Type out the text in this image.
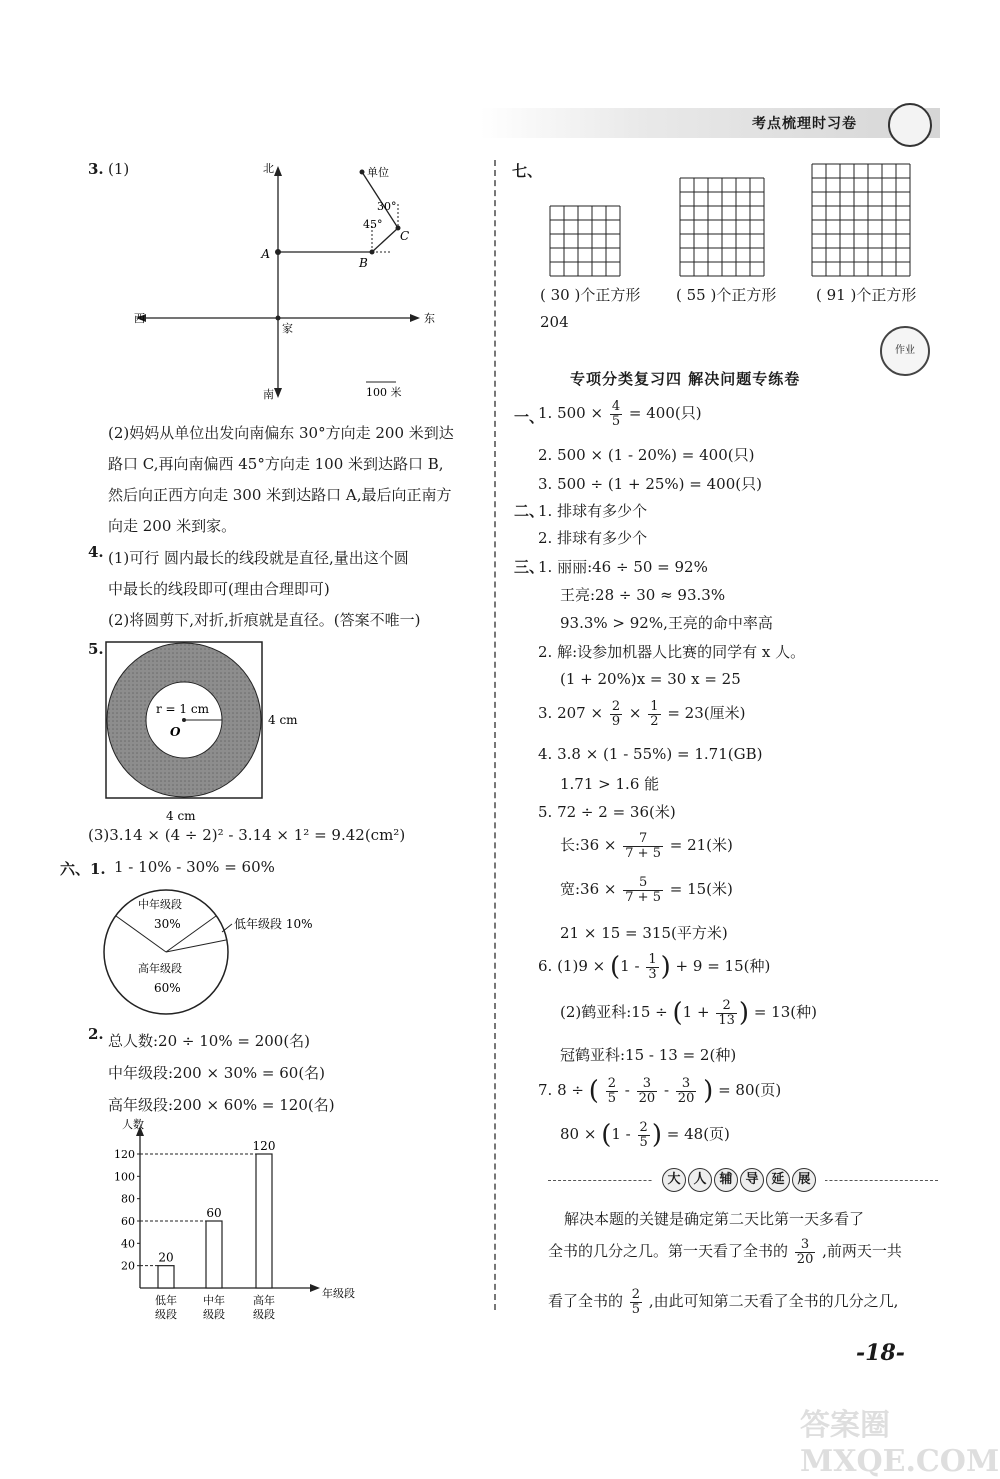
考点梳理时习卷
3. (1)	北
南
东
西
家
单位
A
B
C
30°
45°
100 米
(2)妈妈从单位出发向南偏东 30°方向走 200 米到达
路口 C,再向南偏西 45°方向走 100 米到达路口 B,
然后向正西方向走 300 米到达路口 A,最后向正南方
向走 200 米到家。
4. (1)可行 圆内最长的线段就是直径,量出这个圆
中最长的线段即可(理由合理即可)
(2)将圆剪下,对折,折痕就是直径。(答案不唯一)
5.
r = 1 cm
O
4 cm
4 cm
(3)3.14 × (4 ÷ 2)² - 3.14 × 1² = 9.42(cm²)
六、1. 1 - 10% - 30% = 60%
中年级段
30%	低年级段 10%
高年级段
60%
2. 总人数:20 ÷ 10% = 200(名)
中年级段:200 × 30% = 60(名)
高年级段:200 × 60% = 120(名)
人数
年级段
20
40
60
80
100
120
20
低年
级段
60
中年
级段
120
高年
级段
七、
( 30 )个正方形 ( 55 )个正方形	( 91 )个正方形
204
作业
专项分类复习四 解决问题专练卷
一、
1. $500 \times \frac{4}{5} = 400$(只)
2. 500 × (1 - 20%) = 400(只)
3. 500 ÷ (1 + 25%) = 400(只)
二、
1. 排球有多少个
2. 排球有多少个
三、
1. 丽丽:46 ÷ 50 = 92%
王亮:28 ÷ 30 ≈ 93.3%
93.3% > 92%,王亮的命中率高
2. 解:设参加机器人比赛的同学有 x 人。
(1 + 20%)x = 30 x = 25
3. $207 \times \frac{2}{9} \times \frac{1}{2} = 23$(厘米)
4. 3.8 × (1 - 55%) = 1.71(GB)
1.71 > 1.6 能
5. 72 ÷ 2 = 36(米)
长:36 × $\frac{7}{7 + 5} = 21$(米)
宽:36 × $\frac{5}{7 + 5} = 15$(米)
21 × 15 = 315(平方米)
6. $(1)9 \times (1 - \frac{1}{3}$ ) + 9 = 15(种)
(2)鹤亚科:15 ÷ ($1 + \frac{2}{13}$ ) = 13(种)
冠鹤亚科:15 - 13 = 2(种)
7. 8 ÷ ( $\frac{2}{5} - \frac{3}{20} - \frac{3}{20}$ ) = 80(页)
$80 \times (1 - \frac{2}{5}$ ) = 48(页)
大 人 辅 导 延 展
解决本题的关键是确定第二天比第一天多看了
全书的几分之几。第一天看了全书的 $\frac{3}{20}$ ,前两天一共
看了全书的 $\frac{2}{5}$ ,由此可知第二天看了全书的几分之几,
-18-
答案圈 MXQE.COM
